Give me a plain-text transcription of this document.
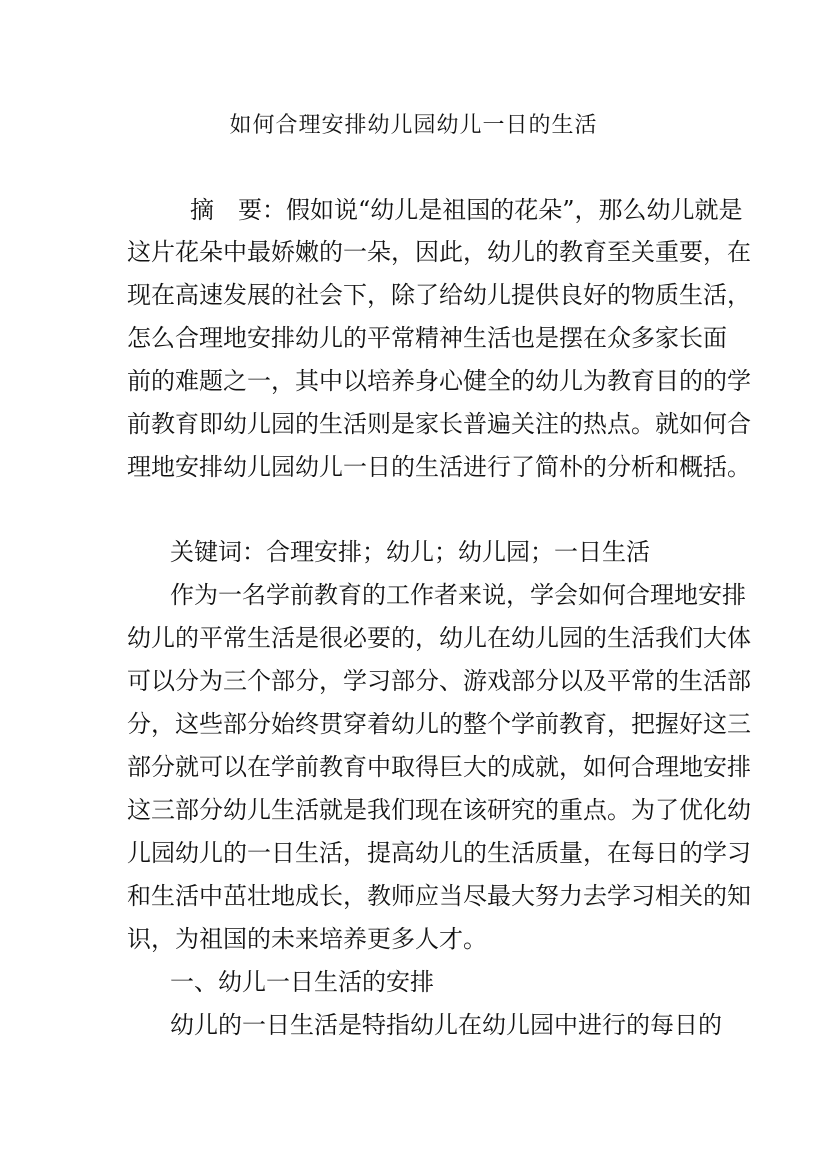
如何合理安排幼儿园幼儿一日的生活
摘　要：假如说“幼儿是祖国的花朵”，那么幼儿就是
这片花朵中最娇嫩的一朵，因此，幼儿的教育至关重要，在
现在高速发展的社会下，除了给幼儿提供良好的物质生活，
怎么合理地安排幼儿的平常精神生活也是摆在众多家长面
前的难题之一，其中以培养身心健全的幼儿为教育目的的学
前教育即幼儿园的生活则是家长普遍关注的热点。就如何合
理地安排幼儿园幼儿一日的生活进行了简朴的分析和概括。
关键词：合理安排；幼儿；幼儿园；一日生活
作为一名学前教育的工作者来说，学会如何合理地安排
幼儿的平常生活是很必要的，幼儿在幼儿园的生活我们大体
可以分为三个部分，学习部分、游戏部分以及平常的生活部
分，这些部分始终贯穿着幼儿的整个学前教育，把握好这三
部分就可以在学前教育中取得巨大的成就，如何合理地安排
这三部分幼儿生活就是我们现在该研究的重点。为了优化幼
儿园幼儿的一日生活，提高幼儿的生活质量，在每日的学习
和生活中茁壮地成长，教师应当尽最大努力去学习相关的知
识，为祖国的未来培养更多人才。
一、幼儿一日生活的安排
幼儿的一日生活是特指幼儿在幼儿园中进行的每日的
